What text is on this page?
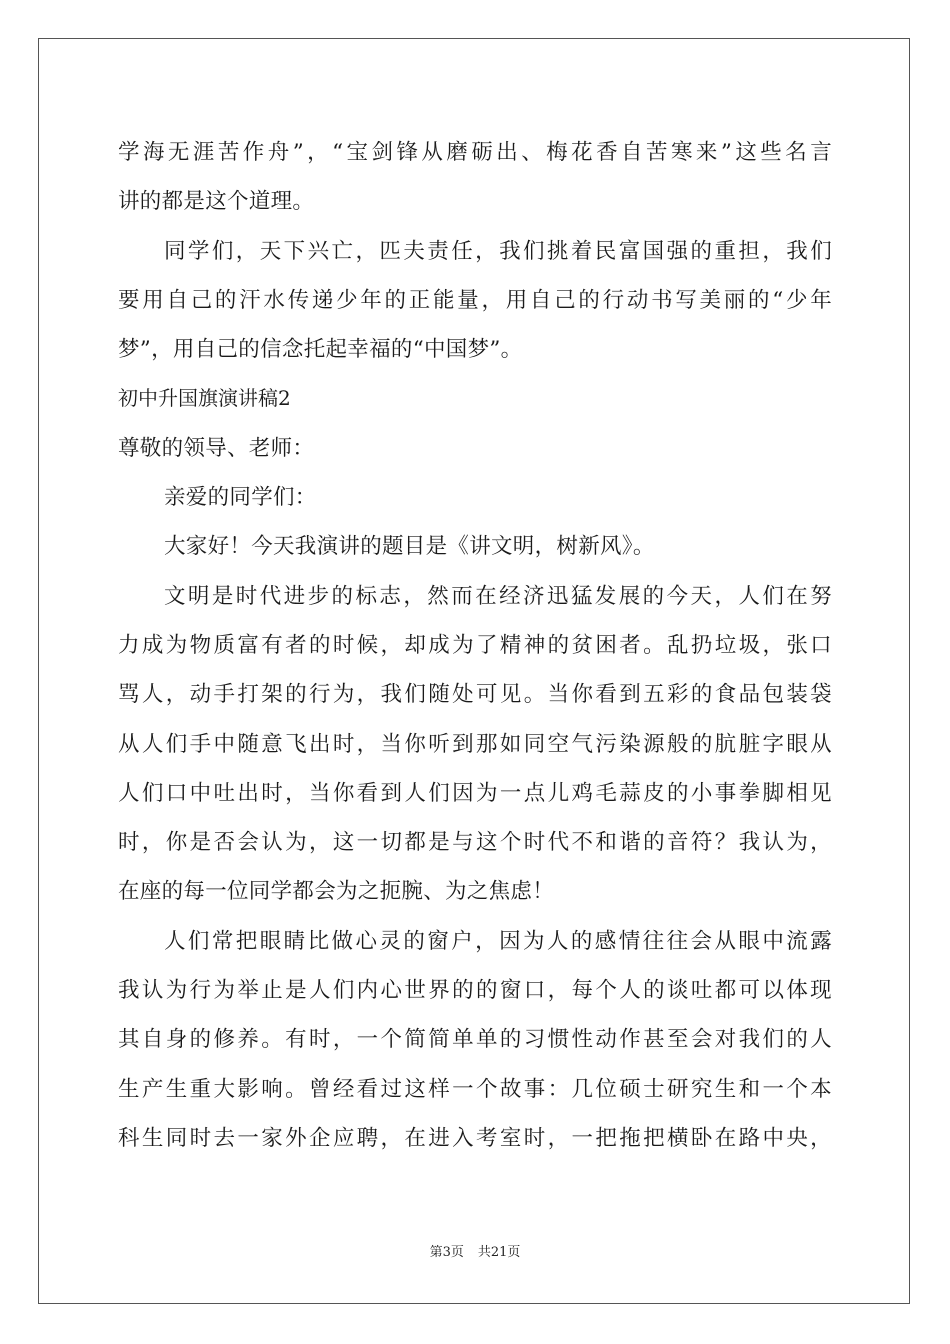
学海无涯苦作舟”，“宝剑锋从磨砺出、梅花香自苦寒来”这些名言
讲的都是这个道理。
同学们，天下兴亡，匹夫责任，我们挑着民富国强的重担，我们
要用自己的汗水传递少年的正能量，用自己的行动书写美丽的“少年
梦”，用自己的信念托起幸福的“中国梦”。
初中升国旗演讲稿2
尊敬的领导、老师：
亲爱的同学们：
大家好！今天我演讲的题目是《讲文明，树新风》。
文明是时代进步的标志，然而在经济迅猛发展的今天，人们在努
力成为物质富有者的时候，却成为了精神的贫困者。乱扔垃圾，张口
骂人，动手打架的行为，我们随处可见。当你看到五彩的食品包装袋
从人们手中随意飞出时，当你听到那如同空气污染源般的肮脏字眼从
人们口中吐出时，当你看到人们因为一点儿鸡毛蒜皮的小事拳脚相见
时，你是否会认为，这一切都是与这个时代不和谐的音符？我认为，
在座的每一位同学都会为之扼腕、为之焦虑！
人们常把眼睛比做心灵的窗户，因为人的感情往往会从眼中流露
我认为行为举止是人们内心世界的的窗口，每个人的谈吐都可以体现
其自身的修养。有时，一个简简单单的习惯性动作甚至会对我们的人
生产生重大影响。曾经看过这样一个故事：几位硕士研究生和一个本
科生同时去一家外企应聘，在进入考室时，一把拖把横卧在路中央，
第3页 共21页
